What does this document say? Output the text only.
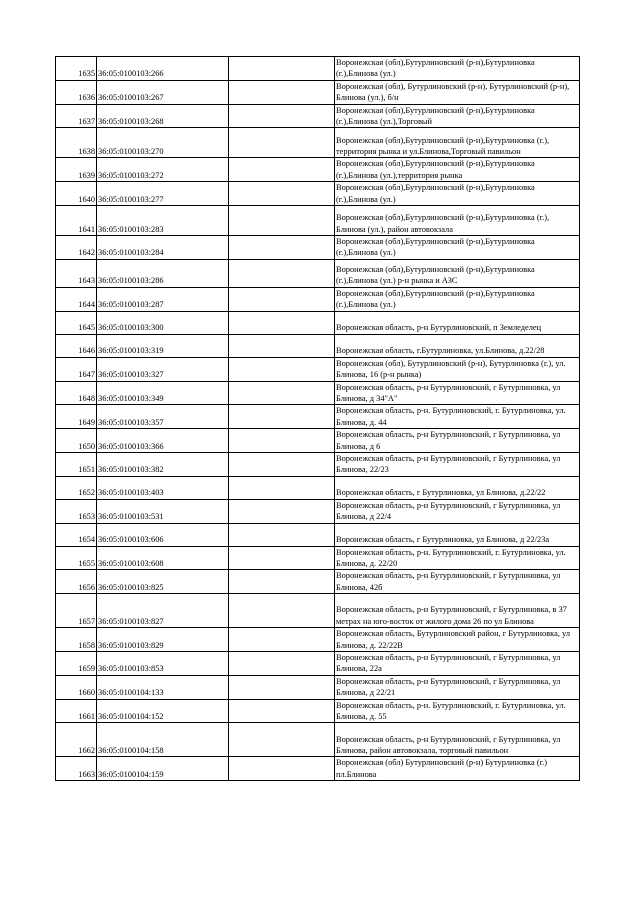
1635	36:05:0100103:266		Воронежская (обл),Бутурлиновский (р-н),Бутурлиновка (г.),Блинова (ул.)
1636	36:05:0100103:267		Воронежская (обл), Бутурлиновский (р-н), Бутурлиновский (р-н), Блинова (ул.), б/н
1637	36:05:0100103:268		Воронежская (обл),Бутурлиновский (р-н),Бутурлиновка (г.),Блинова (ул.),Торговый
1638	36:05:0100103:270		Воронежская (обл),Бутурлиновский (р-н),Бутурлиновка (г.), территория рынка и ул.Блинова,Торговый павильон
1639	36:05:0100103:272		Воронежская (обл),Бутурлиновский (р-н),Бутурлиновка (г.),Блинова (ул.),территория рынка
1640	36:05:0100103:277		Воронежская (обл),Бутурлиновский (р-н),Бутурлиновка (г.),Блинова (ул.)
1641	36:05:0100103:283		Воронежская (обл),Бутурлиновский (р-н),Бутурлиновка (г.), Блинова (ул.), район автовокзала
1642	36:05:0100103:284		Воронежская (обл),Бутурлиновский (р-н),Бутурлиновка (г.),Блинова (ул.)
1643	36:05:0100103:286		Воронежская (обл),Бутурлиновский (р-н),Бутурлиновка (г.),Блинова (ул.) р-н рынка и АЗС
1644	36:05:0100103:287		Воронежская (обл),Бутурлиновский (р-н),Бутурлиновка (г.),Блинова (ул.)
1645	36:05:0100103:300		Воронежская область, р-н Бутурлиновский, п Земледелец
1646	36:05:0100103:319		Воронежская область, г.Бутурлиновка, ул.Блинова, д.22/28
1647	36:05:0100103:327		Воронежская (обл), Бутурлиновский (р-н), Бутурлиновка (г.), ул. Блинова, 16 (р-н рынка)
1648	36:05:0100103:349		Воронежская область, р-н Бутурлиновский, г Бутурлиновка, ул Блинова, д 34"А"
1649	36:05:0100103:357		Воронежская область, р-н. Бутурлиновский, г. Бутурлиновка, ул. Блинова, д. 44
1650	36:05:0100103:366		Воронежская область, р-н Бутурлиновский, г Бутурлиновка, ул Блинова, д 6
1651	36:05:0100103:382		Воронежская область, р-н Бутурлиновский, г Бутурлиновка, ул Блинова, 22/23
1652	36:05:0100103:403		Воронежская область, г Бутурлиновка, ул Блинова, д.22/22
1653	36:05:0100103:531		Воронежская область, р-н Бутурлиновский, г Бутурлиновка, ул Блинова, д 22/4
1654	36:05:0100103:606		Воронежская область, г Бутурлиновка, ул Блинова, д 22/23а
1655	36:05:0100103:608		Воронежская область, р-н. Бутурлиновский, г. Бутурлиновка, ул. Блинова, д. 22/20
1656	36:05:0100103:825		Воронежская область, р-н Бутурлиновский, г Бутурлиновка, ул Блинова, 42б
1657	36:05:0100103:827		Воронежская область, р-н Бутурлиновский, г Бутурлиновка, в 37 метрах на юго-восток от жилого дома 26 по ул Блинова
1658	36:05:0100103:829		Воронежская область, Бутурлиновский район, г Бутурлиновка, ул Блинова, д. 22/22В
1659	36:05:0100103:853		Воронежская область, р-н Бутурлиновский, г Бутурлиновка, ул Блинова, 22а
1660	36:05:0100104:133		Воронежская область, р-н Бутурлиновский, г Бутурлиновка, ул Блинова, д 22/21
1661	36:05:0100104:152		Воронежская область, р-н. Бутурлиновский, г. Бутурлиновка, ул. Блинова, д. 55
1662	36:05:0100104:158		Воронежская область, р-н Бутурлиновский, г Бутурлиновка, ул Блинова, район автовокзала, торговый павильон
1663	36:05:0100104:159		Воронежская (обл) Бутурлиновский (р-н) Бутурлиновка (г.) пл.Блинова
